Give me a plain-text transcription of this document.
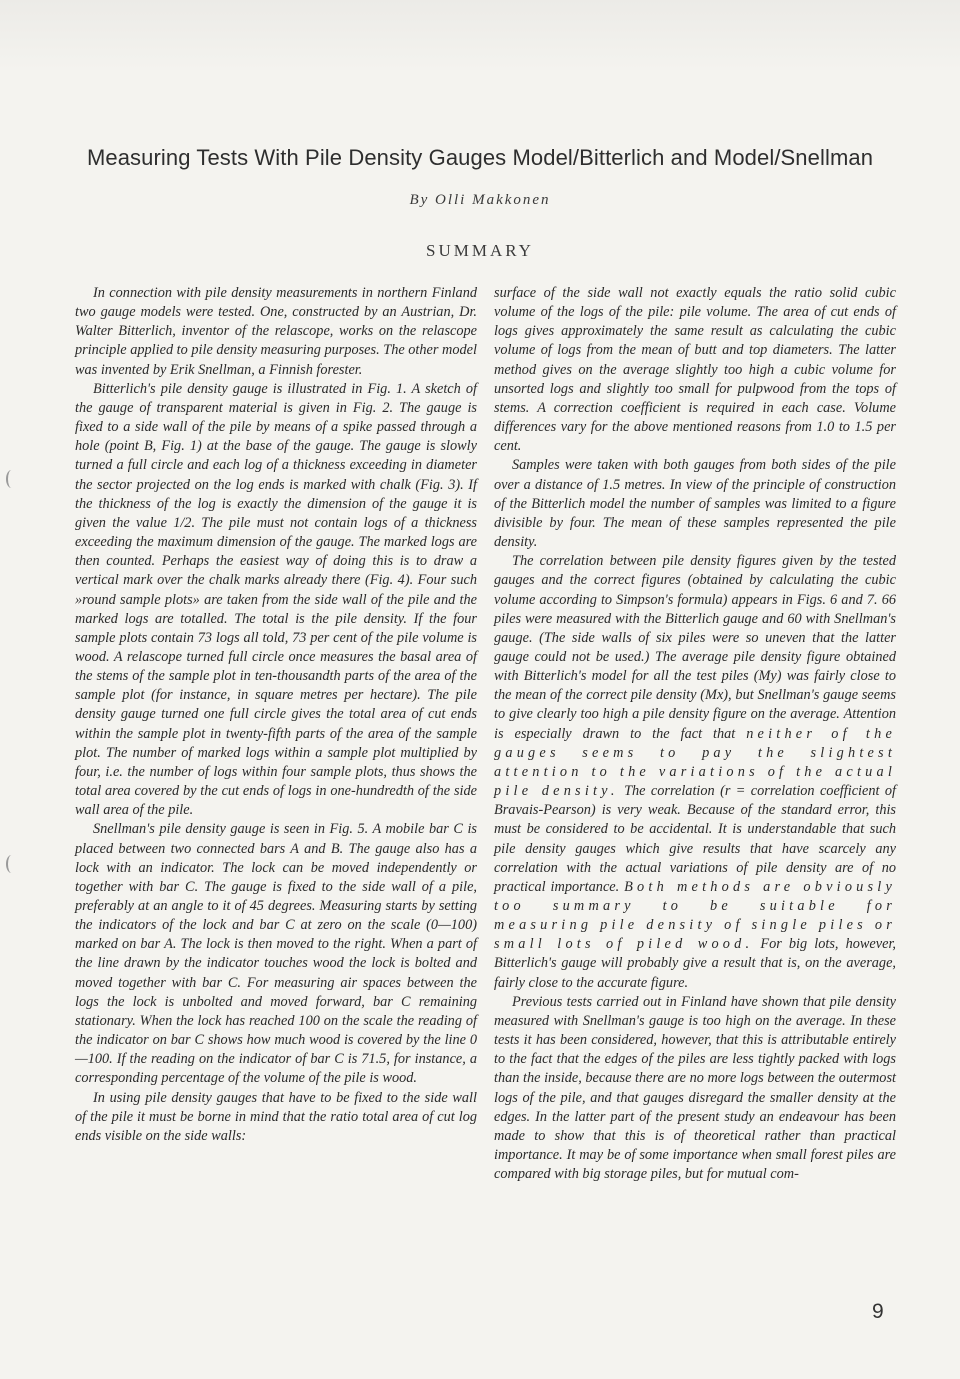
Measuring Tests With Pile Density Gauges Model/Bitterlich and Model/Snellman

By Olli Makkonen

SUMMARY

In connection with pile density measurements in northern Finland two gauge models were tested. One, constructed by an Austrian, Dr. Walter Bitterlich, inventor of the relascope, works on the relascope principle applied to pile density measuring purposes. The other model was invented by Erik Snellman, a Finnish forester.

Bitterlich's pile density gauge is illustrated in Fig. 1. A sketch of the gauge of transparent material is given in Fig. 2. The gauge is fixed to a side wall of the pile by means of a spike passed through a hole (point B, Fig. 1) at the base of the gauge. The gauge is slowly turned a full circle and each log of a thickness exceeding in diameter the sector projected on the log ends is marked with chalk (Fig. 3). If the thickness of the log is exactly the dimension of the gauge it is given the value 1/2. The pile must not contain logs of a thickness exceeding the maximum dimension of the gauge. The marked logs are then counted. Perhaps the easiest way of doing this is to draw a vertical mark over the chalk marks already there (Fig. 4). Four such »round sample plots» are taken from the side wall of the pile and the marked logs are totalled. The total is the pile density. If the four sample plots contain 73 logs all told, 73 per cent of the pile volume is wood. A relascope turned full circle once measures the basal area of the stems of the sample plot in ten-thousandth parts of the area of the sample plot (for instance, in square metres per hectare). The pile density gauge turned one full circle gives the total area of cut ends within the sample plot in twenty-fifth parts of the area of the sample plot. The number of marked logs within a sample plot multiplied by four, i.e. the number of logs within four sample plots, thus shows the total area covered by the cut ends of logs in one-hundredth of the side wall area of the pile.

Snellman's pile density gauge is seen in Fig. 5. A mobile bar C is placed between two connected bars A and B. The gauge also has a lock with an indicator. The lock can be moved independently or together with bar C. The gauge is fixed to the side wall of a pile, preferably at an angle to it of 45 degrees. Measuring starts by setting the indicators of the lock and bar C at zero on the scale (0—100) marked on bar A. The lock is then moved to the right. When a part of the line drawn by the indicator touches wood the lock is bolted and moved together with bar C. For measuring air spaces between the logs the lock is unbolted and moved forward, bar C remaining stationary. When the lock has reached 100 on the scale the reading of the indicator on bar C shows how much wood is covered by the line 0—100. If the reading on the indicator of bar C is 71.5, for instance, a corresponding percentage of the volume of the pile is wood.

In using pile density gauges that have to be fixed to the side wall of the pile it must be borne in mind that the ratio total area of cut log ends visible on the side walls:

surface of the side wall not exactly equals the ratio solid cubic volume of the logs of the pile: pile volume. The area of cut ends of logs gives approximately the same result as calculating the cubic volume of logs from the mean of butt and top diameters. The latter method gives on the average slightly too high a cubic volume for unsorted logs and slightly too small for pulpwood from the tops of stems. A correction coefficient is required in each case. Volume differences vary for the above mentioned reasons from 1.0 to 1.5 per cent.

Samples were taken with both gauges from both sides of the pile over a distance of 1.5 metres. In view of the principle of construction of the Bitterlich model the number of samples was limited to a figure divisible by four. The mean of these samples represented the pile density.

The correlation between pile density figures given by the tested gauges and the correct figures (obtained by calculating the cubic volume according to Simpson's formula) appears in Figs. 6 and 7. 66 piles were measured with the Bitterlich gauge and 60 with Snellman's gauge. (The side walls of six piles were so uneven that the latter gauge could not be used.) The average pile density figure obtained with Bitterlich's model for all the test piles (My) was fairly close to the mean of the correct pile density (Mx), but Snellman's gauge seems to give clearly too high a pile density figure on the average. Attention is especially drawn to the fact that neither of the gauges seems to pay the slightest attention to the variations of the actual pile density. The correlation (r = correlation coefficient of Bravais-Pearson) is very weak. Because of the standard error, this must be considered to be accidental. It is understandable that such pile density gauges which give results that have scarcely any correlation with the actual variations of pile density are of no practical importance. Both methods are obviously too summary to be suitable for measuring pile density of single piles or small lots of piled wood. For big lots, however, Bitterlich's gauge will probably give a result that is, on the average, fairly close to the accurate figure.

Previous tests carried out in Finland have shown that pile density measured with Snellman's gauge is too high on the average. In these tests it has been considered, however, that this is attributable entirely to the fact that the edges of the piles are less tightly packed with logs than the inside, because there are no more logs between the outermost logs of the pile, and that gauges disregard the smaller density at the edges. In the latter part of the present study an endeavour has been made to show that this is of theoretical rather than practical importance. It may be of some importance when small forest piles are compared with big storage piles, but for mutual com-

9
